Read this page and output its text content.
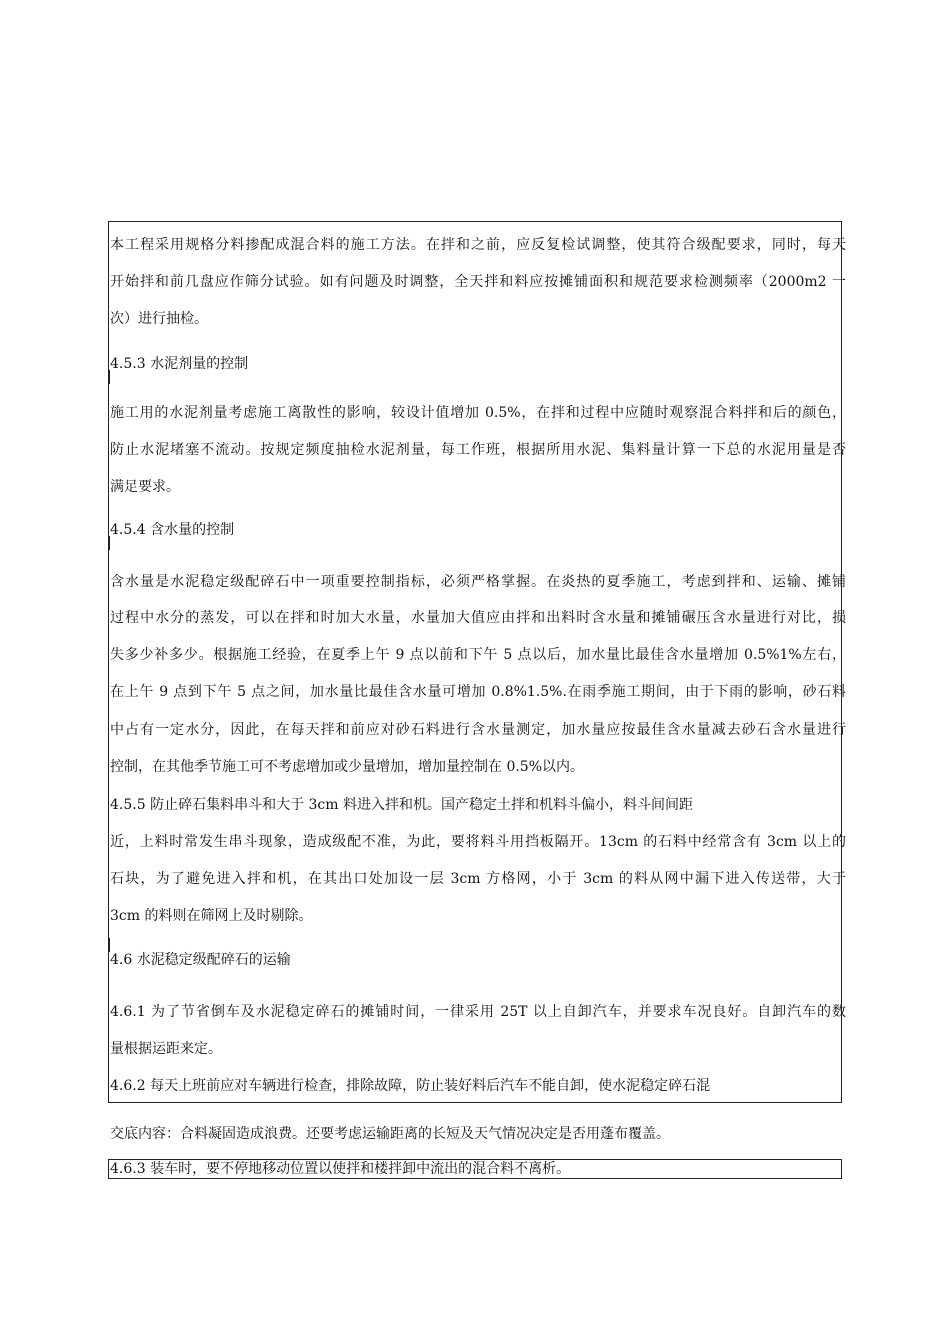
本工程采用规格分料掺配成混合料的施工方法。在拌和之前，应反复检试调整，使其符合级配要求，同时，每天
开始拌和前几盘应作筛分试验。如有问题及时调整，全天拌和料应按摊铺面积和规范要求检测频率（2000m2 一
次）进行抽检。
4.5.3 水泥剂量的控制
施工用的水泥剂量考虑施工离散性的影响，较设计值增加 0.5%，在拌和过程中应随时观察混合料拌和后的颜色，
防止水泥堵塞不流动。按规定频度抽检水泥剂量，每工作班，根据所用水泥、集料量计算一下总的水泥用量是否
满足要求。
4.5.4 含水量的控制
含水量是水泥稳定级配碎石中一项重要控制指标，必须严格掌握。在炎热的夏季施工，考虑到拌和、运输、摊铺
过程中水分的蒸发，可以在拌和时加大水量，水量加大值应由拌和出料时含水量和摊铺碾压含水量进行对比，损
失多少补多少。根据施工经验，在夏季上午 9 点以前和下午 5 点以后，加水量比最佳含水量增加 0.5%1%左右，
在上午 9 点到下午 5 点之间，加水量比最佳含水量可增加 0.8%1.5%.在雨季施工期间，由于下雨的影响，砂石料
中占有一定水分，因此，在每天拌和前应对砂石料进行含水量测定，加水量应按最佳含水量减去砂石含水量进行
控制，在其他季节施工可不考虑增加或少量增加，增加量控制在 0.5%以内。
4.5.5 防止碎石集料串斗和大于 3cm 料进入拌和机。国产稳定土拌和机料斗偏小，料斗间间距
近，上料时常发生串斗现象，造成级配不准，为此，要将料斗用挡板隔开。13cm 的石料中经常含有 3cm 以上的
石块，为了避免进入拌和机，在其出口处加设一层 3cm 方格网，小于 3cm 的料从网中漏下进入传送带，大于
3cm 的料则在筛网上及时剔除。
4.6 水泥稳定级配碎石的运输
4.6.1 为了节省倒车及水泥稳定碎石的摊铺时间，一律采用 25T 以上自卸汽车，并要求车况良好。自卸汽车的数
量根据运距来定。
4.6.2 每天上班前应对车辆进行检查，排除故障，防止装好料后汽车不能自卸，使水泥稳定碎石混
交底内容：合料凝固造成浪费。还要考虑运输距离的长短及天气情况决定是否用蓬布覆盖。
4.6.3 装车时，要不停地移动位置以使拌和楼拌卸中流出的混合料不离析。
